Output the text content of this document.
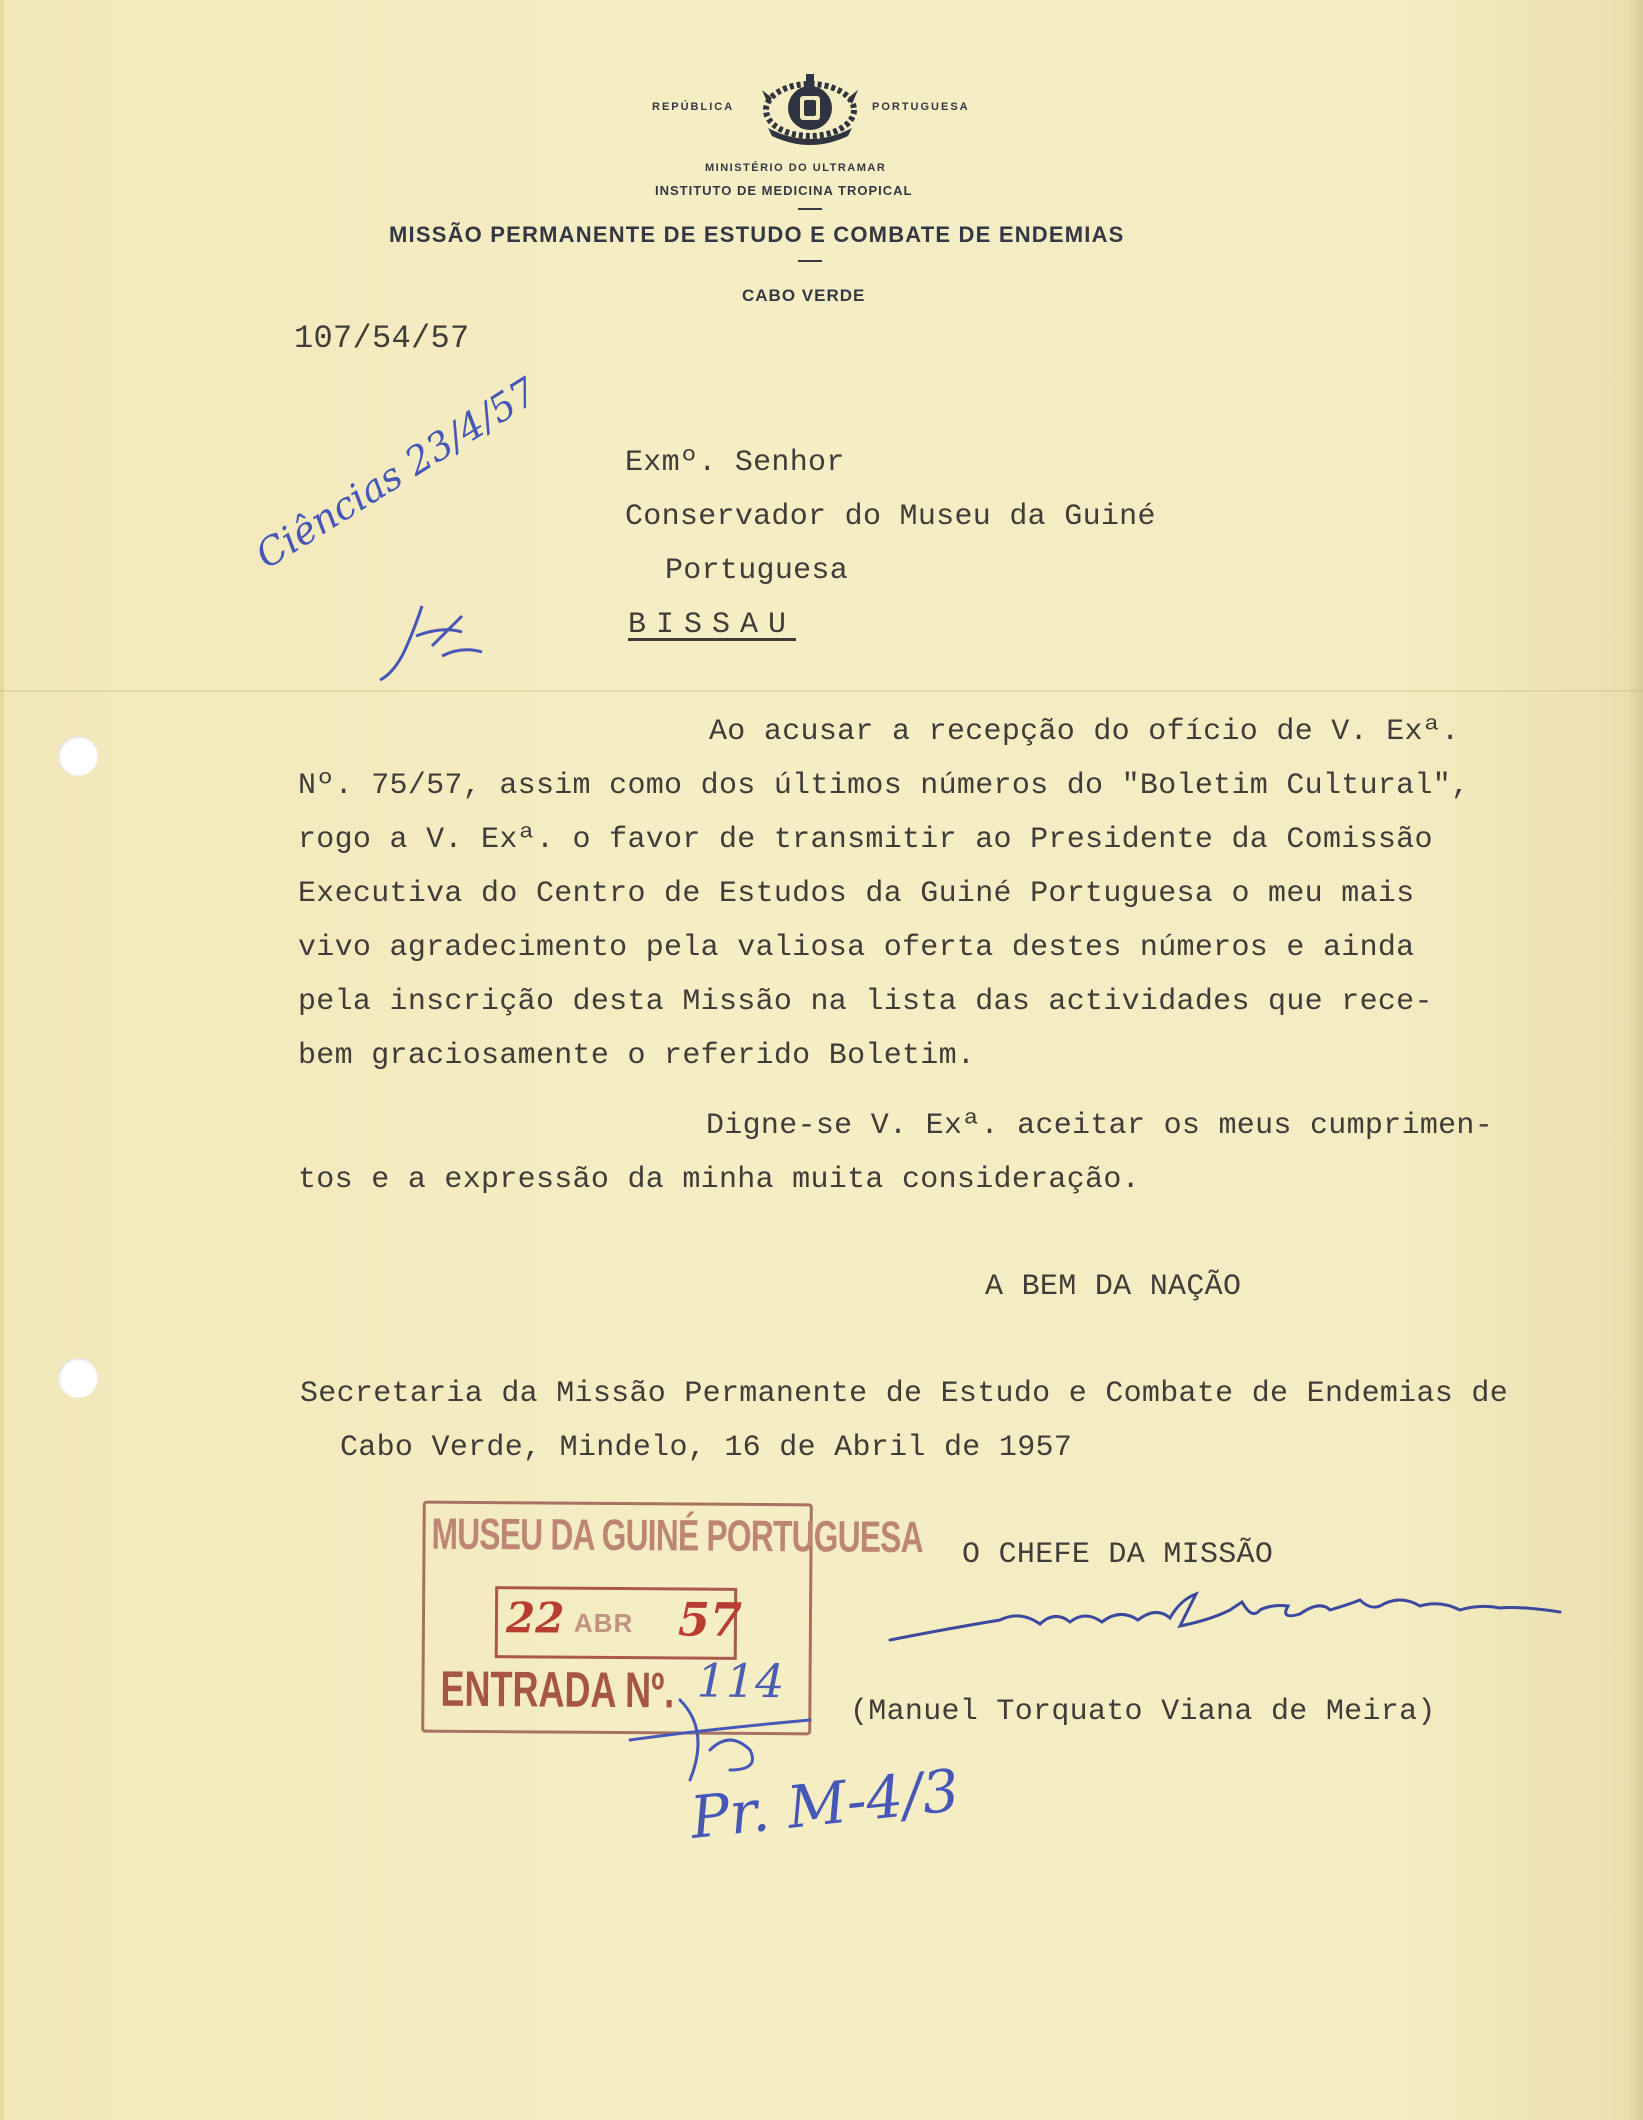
REPÚBLICA	PORTUGUESA
MINISTÉRIO DO ULTRAMAR
INSTITUTO DE MEDICINA TROPICAL
MISSÃO PERMANENTE DE ESTUDO E COMBATE DE ENDEMIAS
CABO VERDE
107/54/57
Exmº. Senhor
Conservador do Museu da Guiné
Portuguesa
BISSAU
Ciências 23/4/57
Ao acusar a recepção do ofício de V. Exª.
Nº. 75/57, assim como dos últimos números do "Boletim Cultural",
rogo a V. Exª. o favor de transmitir ao Presidente da Comissão
Executiva do Centro de Estudos da Guiné Portuguesa o meu mais
vivo agradecimento pela valiosa oferta destes números e ainda
pela inscrição desta Missão na lista das actividades que rece-
bem graciosamente o referido Boletim.
Digne-se V. Exª. aceitar os meus cumprimen-
tos e a expressão da minha muita consideração.
A BEM DA NAÇÃO
Secretaria da Missão Permanente de Estudo e Combate de Endemias de
Cabo Verde, Mindelo, 16 de Abril de 1957
O CHEFE DA MISSÃO
(Manuel Torquato Viana de Meira)
MUSEU DA GUINÉ PORTUGUESA
22 ABR 57
ENTRADA Nº. 114
Pr. M-4/3
